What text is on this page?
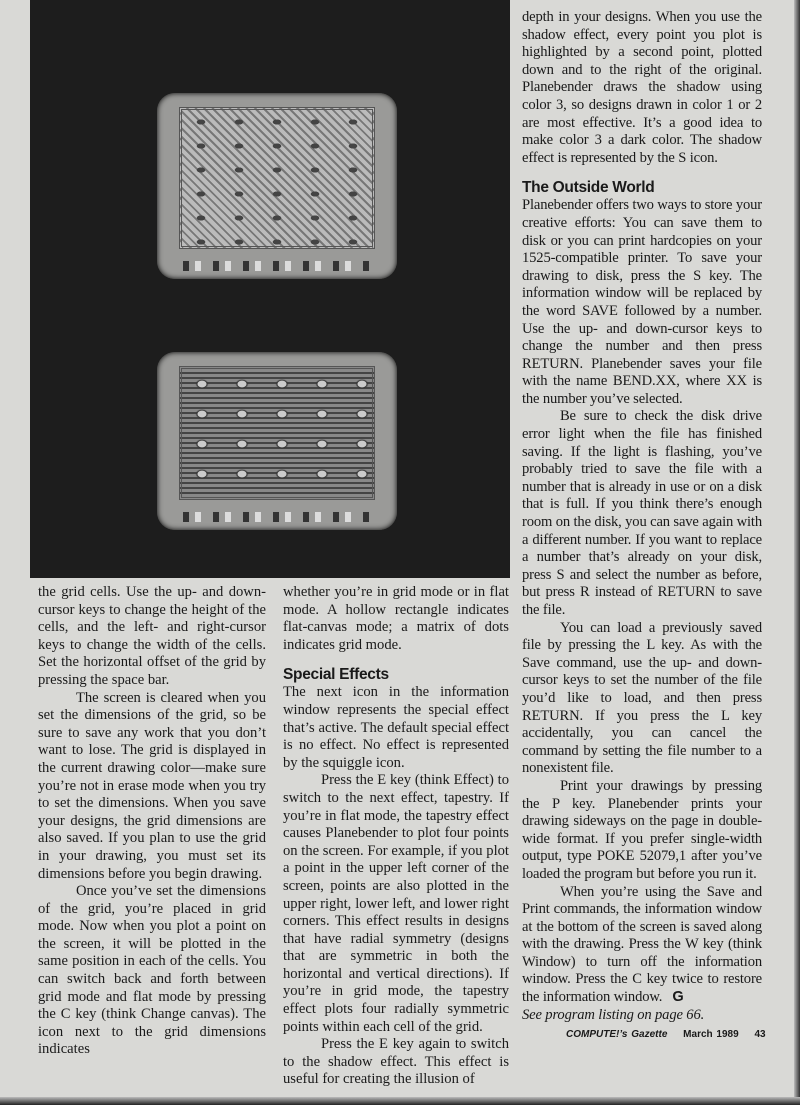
the grid cells. Use the up- and down-cursor keys to change the height of the cells, and the left- and right-cursor keys to change the width of the cells. Set the horizontal offset of the grid by pressing the space bar.

The screen is cleared when you set the dimensions of the grid, so be sure to save any work that you don’t want to lose. The grid is displayed in the current drawing color—make sure you’re not in erase mode when you try to set the dimensions. When you save your designs, the grid dimensions are also saved. If you plan to use the grid in your drawing, you must set its dimensions before you begin drawing.

Once you’ve set the dimensions of the grid, you’re placed in grid mode. Now when you plot a point on the screen, it will be plotted in the same position in each of the cells. You can switch back and forth between grid mode and flat mode by pressing the C key (think Change canvas). The icon next to the grid dimensions indicates

whether you’re in grid mode or in flat mode. A hollow rectangle indicates flat-canvas mode; a matrix of dots indicates grid mode.

Special Effects

The next icon in the information window represents the special effect that’s active. The default special effect is no effect. No effect is represented by the squiggle icon.

Press the E key (think Effect) to switch to the next effect, tapestry. If you’re in flat mode, the tapestry effect causes Planebender to plot four points on the screen. For example, if you plot a point in the upper left corner of the screen, points are also plotted in the upper right, lower left, and lower right corners. This effect results in designs that have radial symmetry (designs that are symmetric in both the horizontal and vertical directions). If you’re in grid mode, the tapestry effect plots four radially symmetric points within each cell of the grid.

Press the E key again to switch to the shadow effect. This effect is useful for creating the illusion of

depth in your designs. When you use the shadow effect, every point you plot is highlighted by a second point, plotted down and to the right of the original. Planebender draws the shadow using color 3, so designs drawn in color 1 or 2 are most effective. It’s a good idea to make color 3 a dark color. The shadow effect is represented by the S icon.

The Outside World

Planebender offers two ways to store your creative efforts: You can save them to disk or you can print hardcopies on your 1525-compatible printer. To save your drawing to disk, press the S key. The information window will be replaced by the word SAVE followed by a number. Use the up- and down-cursor keys to change the number and then press RETURN. Planebender saves your file with the name BEND.XX, where XX is the number you’ve selected.

Be sure to check the disk drive error light when the file has finished saving. If the light is flashing, you’ve probably tried to save the file with a number that is already in use or on a disk that is full. If you think there’s enough room on the disk, you can save again with a different number. If you want to replace a number that’s already on your disk, press S and select the number as before, but press R instead of RETURN to save the file.

You can load a previously saved file by pressing the L key. As with the Save command, use the up- and down-cursor keys to set the number of the file you’d like to load, and then press RETURN. If you press the L key accidentally, you can cancel the command by setting the file number to a nonexistent file.

Print your drawings by pressing the P key. Planebender prints your drawing sideways on the page in double-wide format. If you prefer single-width output, type POKE 52079,1 after you’ve loaded the program but before you run it.

When you’re using the Save and Print commands, the information window at the bottom of the screen is saved along with the drawing. Press the W key (think Window) to turn off the information window. Press the C key twice to restore the information window. G

See program listing on page 66.

COMPUTE!’s Gazette March 1989 43
